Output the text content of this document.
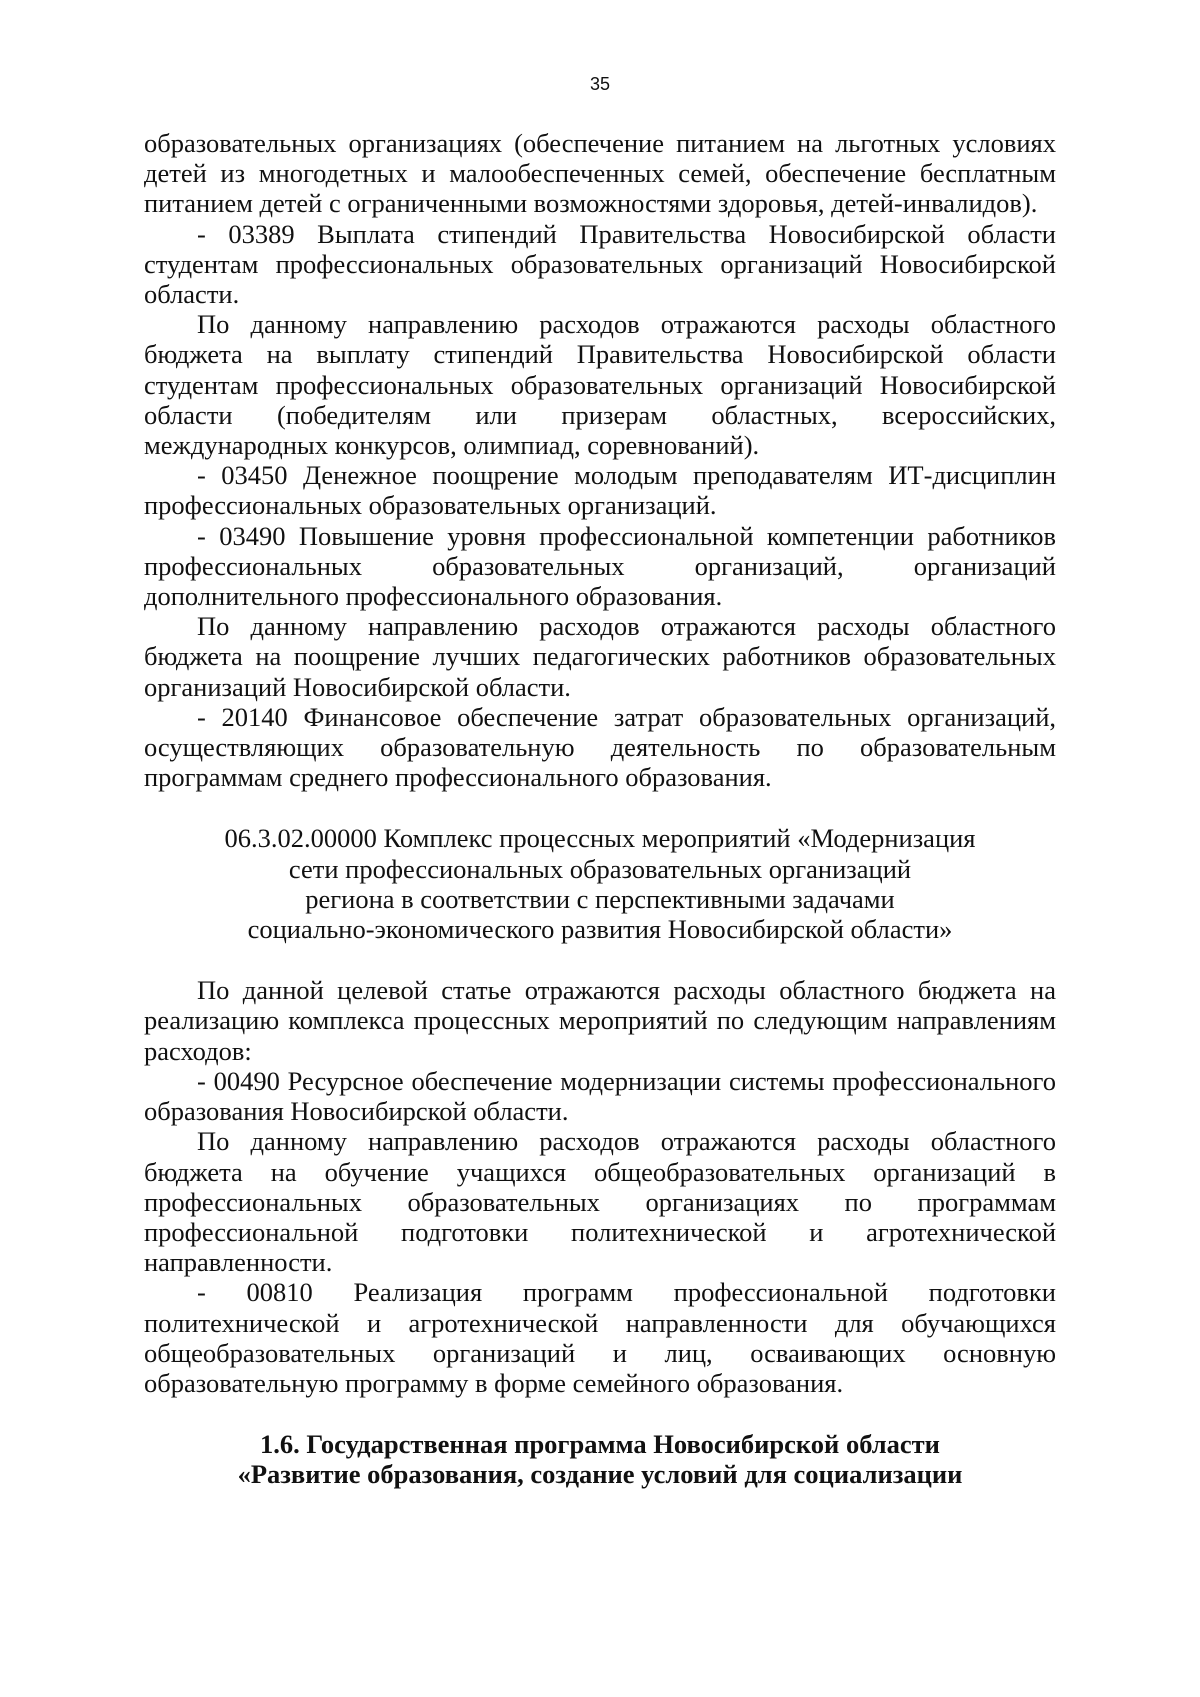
35

образовательных организациях (обеспечение питанием на льготных условиях детей из многодетных и малообеспеченных семей, обеспечение бесплатным питанием детей с ограниченными возможностями здоровья, детей-инвалидов).

- 03389 Выплата стипендий Правительства Новосибирской области студентам профессиональных образовательных организаций Новосибирской области.

По данному направлению расходов отражаются расходы областного бюджета на выплату стипендий Правительства Новосибирской области студентам профессиональных образовательных организаций Новосибирской области (победителям или призерам областных, всероссийских, международных конкурсов, олимпиад, соревнований).

- 03450 Денежное поощрение молодым преподавателям ИТ-дисциплин профессиональных образовательных организаций.

- 03490 Повышение уровня профессиональной компетенции работников профессиональных образовательных организаций, организаций дополнительного профессионального образования.

По данному направлению расходов отражаются расходы областного бюджета на поощрение лучших педагогических работников образовательных организаций Новосибирской области.

- 20140 Финансовое обеспечение затрат образовательных организаций, осуществляющих образовательную деятельность по образовательным программам среднего профессионального образования.

06.3.02.00000 Комплекс процессных мероприятий «Модернизация
сети профессиональных образовательных организаций
региона в соответствии с перспективными задачами
социально-экономического развития Новосибирской области»

По данной целевой статье отражаются расходы областного бюджета на реализацию комплекса процессных мероприятий по следующим направлениям расходов:

- 00490 Ресурсное обеспечение модернизации системы профессионального образования Новосибирской области.

По данному направлению расходов отражаются расходы областного бюджета на обучение учащихся общеобразовательных организаций в профессиональных образовательных организациях по программам профессиональной подготовки политехнической и агротехнической направленности.

- 00810 Реализация программ профессиональной подготовки политехнической и агротехнической направленности для обучающихся общеобразовательных организаций и лиц, осваивающих основную образовательную программу в форме семейного образования.

1.6. Государственная программа Новосибирской области
«Развитие образования, создание условий для социализации
